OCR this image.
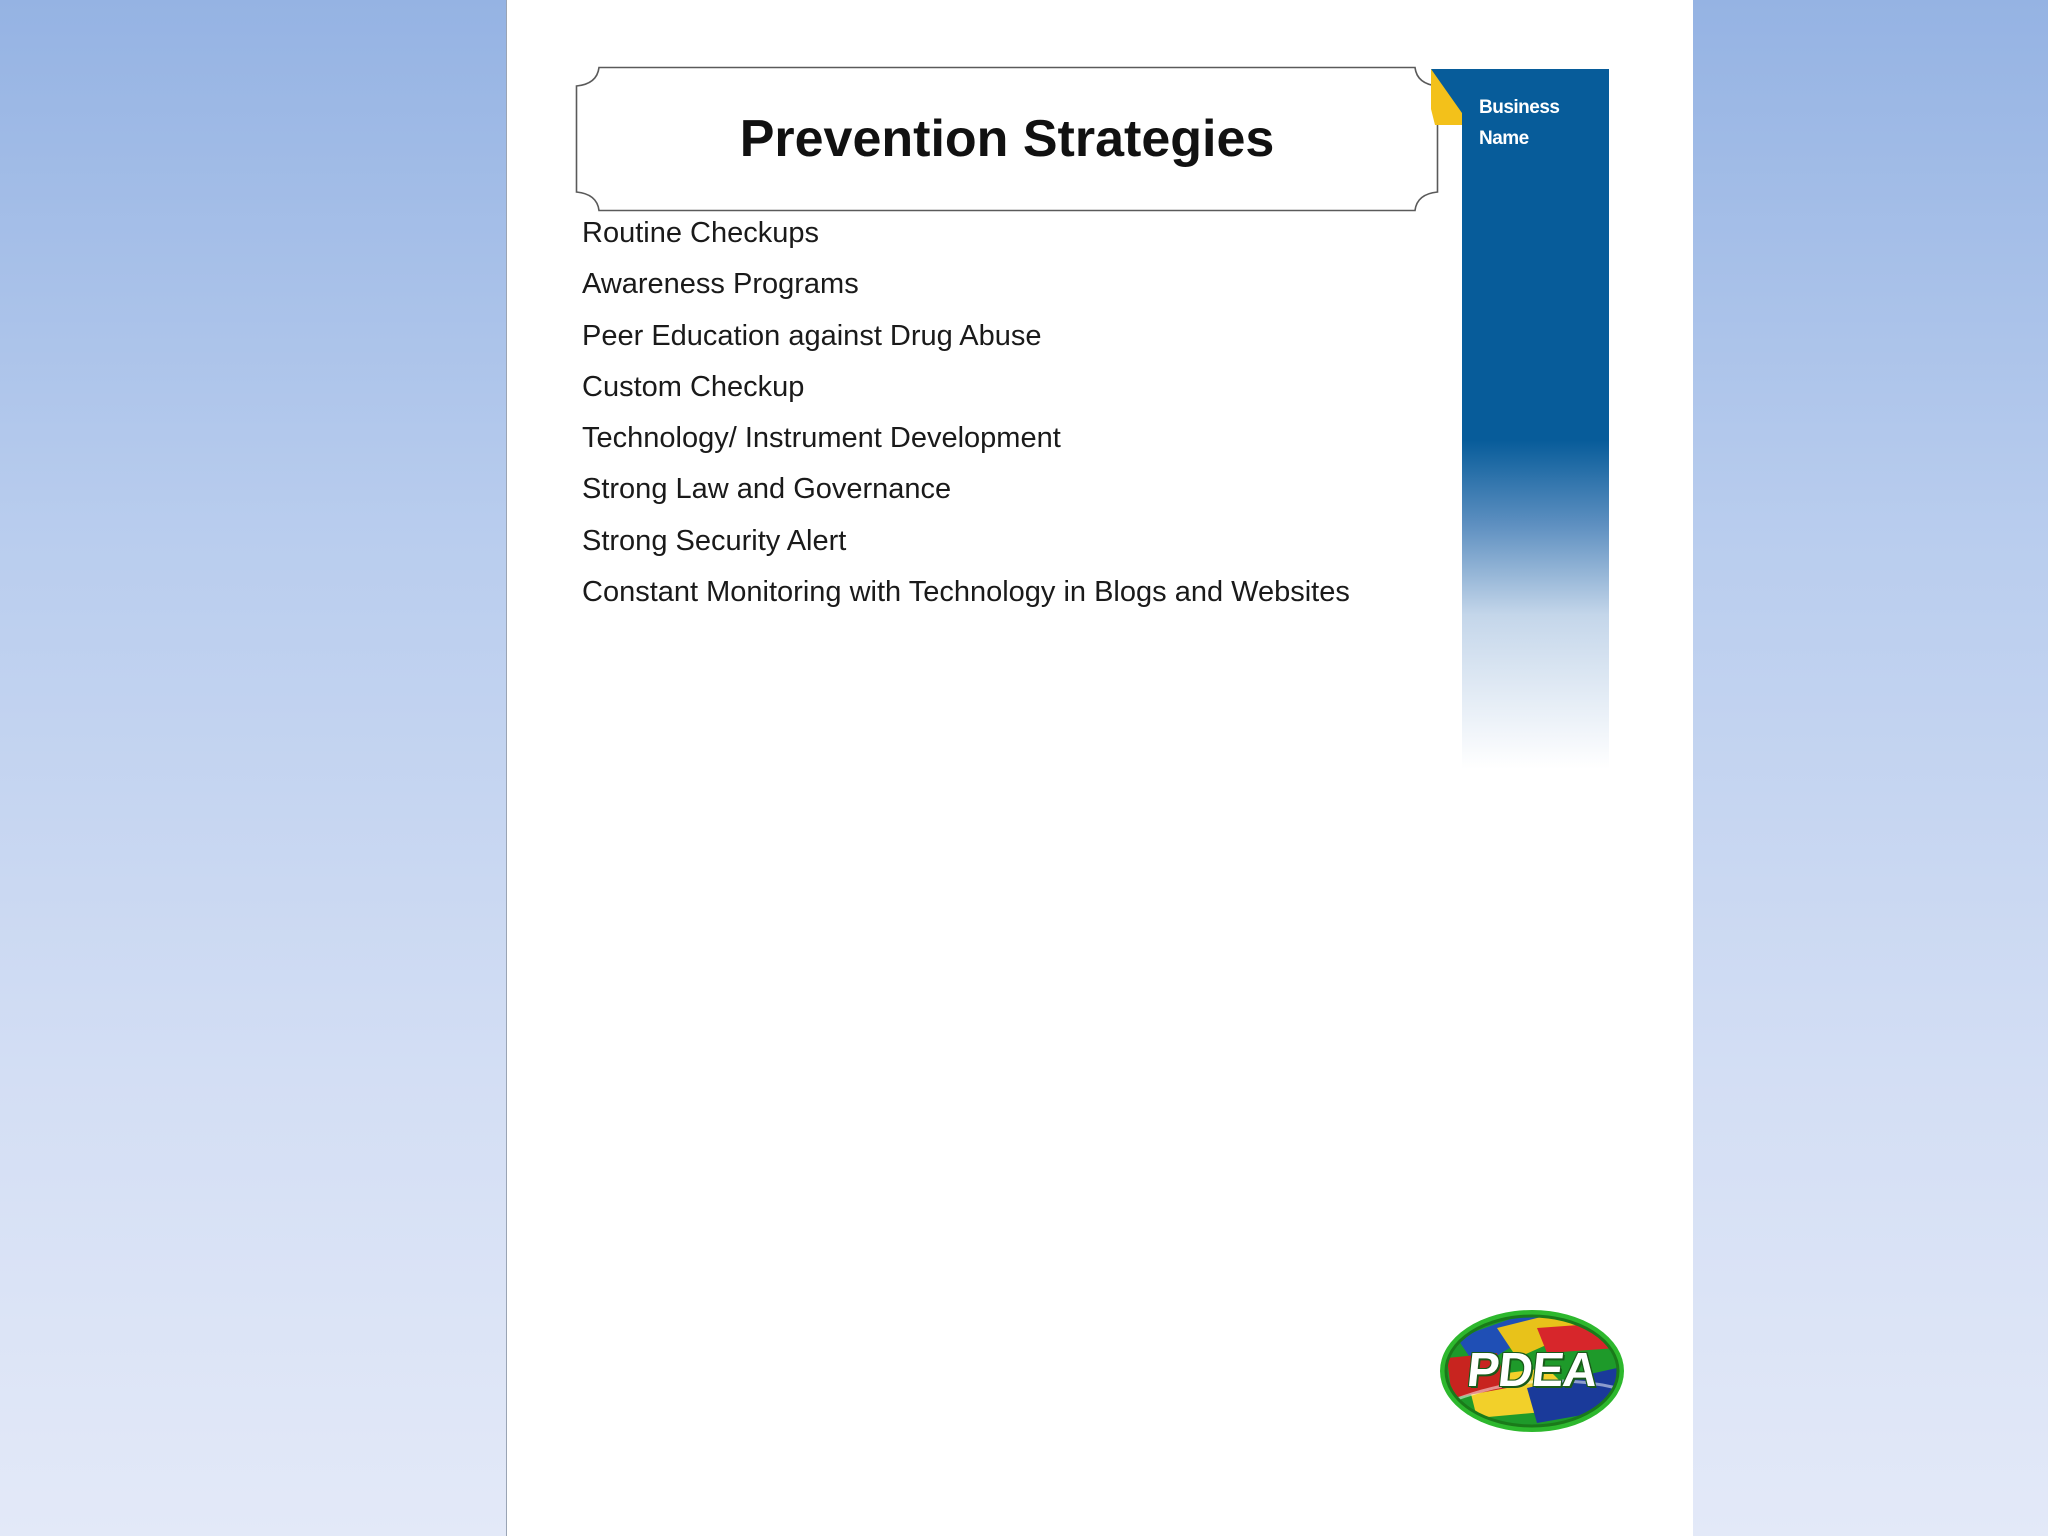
Prevention Strategies
Routine Checkups
Awareness Programs
Peer Education against Drug Abuse
Custom Checkup
Technology/ Instrument Development
Strong Law and Governance
Strong Security Alert
Constant Monitoring with Technology in Blogs and Websites
Business
Name
PDEA
